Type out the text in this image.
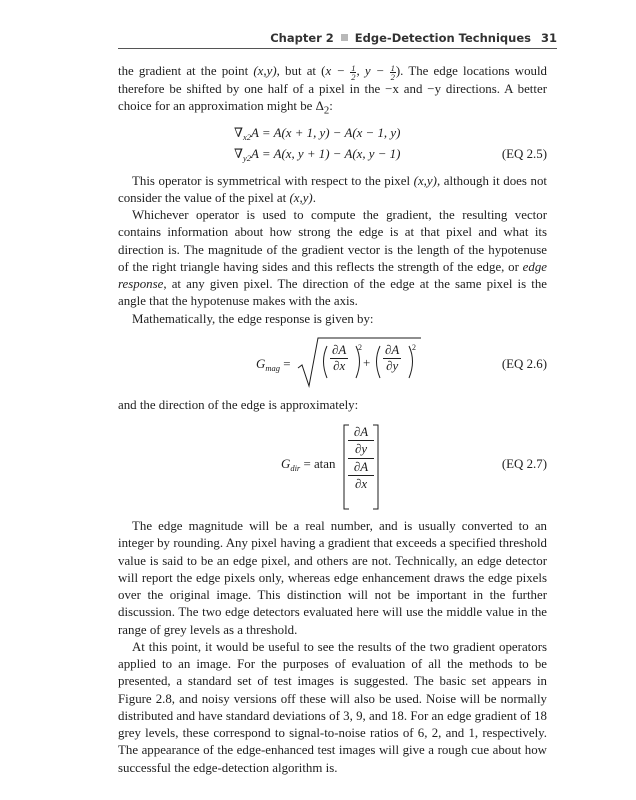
Chapter 2 Edge-Detection Techniques 31

the gradient at the point (x,y), but at ($x - \frac{1}{2}$ , $y - \frac{1}{2}$ ). The edge locations would therefore be shifted by one half of a pixel in the −x and −y directions. A better choice for an approximation might be $\Delta_2$:

$\nabla_{x2}A = A(x + 1$, y) − A(x − 1, y)
$\nabla_{y2}A = A(x$, y + 1) − A(x, y − 1)	(EQ 2.5)

This operator is symmetrical with respect to the pixel (x,y), although it does not consider the value of the pixel at (x,y).

Whichever operator is used to compute the gradient, the resulting vector contains information about how strong the edge is at that pixel and what its direction is. The magnitude of the gradient vector is the length of the hypotenuse of the right triangle having sides and this reflects the strength of the edge, or edge response, at any given pixel. The direction of the edge at the same pixel is the angle that the hypotenuse makes with the axis.

Mathematically, the edge response is given by:

$G_{mag}$ =	$\frac{\partial A}{\partial x} 2$
+ $\frac{\partial A}{\partial y} 2$
(EQ 2.6)

and the direction of the edge is approximately:

$G_{dir} = atan$
∂A
∂y
∂A
∂x
(EQ 2.7)

The edge magnitude will be a real number, and is usually converted to an integer by rounding. Any pixel having a gradient that exceeds a specified threshold value is said to be an edge pixel, and others are not. Technically, an edge detector will report the edge pixels only, whereas edge enhancement draws the edge pixels over the original image. This distinction will not be important in the further discussion. The two edge detectors evaluated here will use the middle value in the range of grey levels as a threshold.

At this point, it would be useful to see the results of the two gradient operators applied to an image. For the purposes of evaluation of all the methods to be presented, a standard set of test images is suggested. The basic set appears in Figure 2.8, and noisy versions off these will also be used. Noise will be normally distributed and have standard deviations of 3, 9, and 18. For an edge gradient of 18 grey levels, these correspond to signal-to-noise ratios of 6, 2, and 1, respectively. The appearance of the edge-enhanced test images will give a rough cue about how successful the edge-detection algorithm is.
